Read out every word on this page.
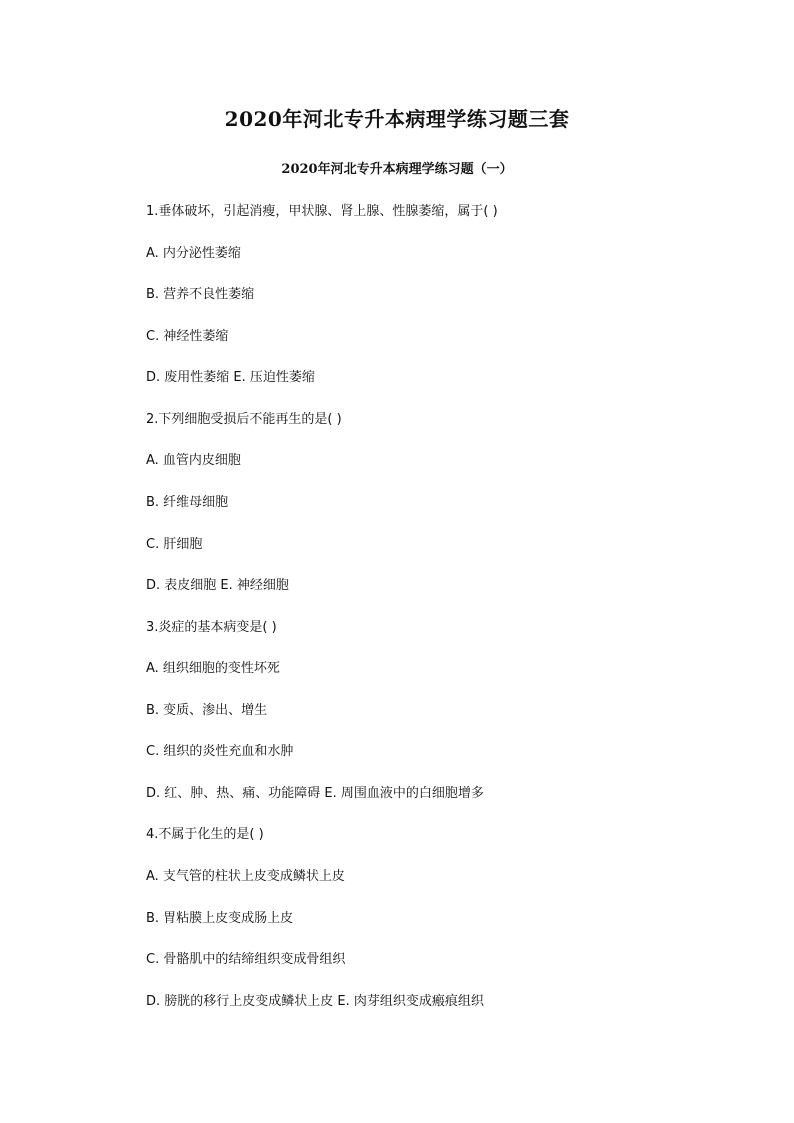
2020年河北专升本病理学练习题三套
2020年河北专升本病理学练习题（一）
1.垂体破坏，引起消瘦，甲状腺、肾上腺、性腺萎缩，属于( )
A. 内分泌性萎缩
B. 营养不良性萎缩
C. 神经性萎缩
D. 废用性萎缩 E. 压迫性萎缩
2.下列细胞受损后不能再生的是( )
A. 血管内皮细胞
B. 纤维母细胞
C. 肝细胞
D. 表皮细胞 E. 神经细胞
3.炎症的基本病变是( )
A. 组织细胞的变性坏死
B. 变质、渗出、增生
C. 组织的炎性充血和水肿
D. 红、肿、热、痛、功能障碍 E. 周围血液中的白细胞增多
4.不属于化生的是( )
A. 支气管的柱状上皮变成鳞状上皮
B. 胃粘膜上皮变成肠上皮
C. 骨骼肌中的结缔组织变成骨组织
D. 膀胱的移行上皮变成鳞状上皮 E. 肉芽组织变成瘢痕组织
